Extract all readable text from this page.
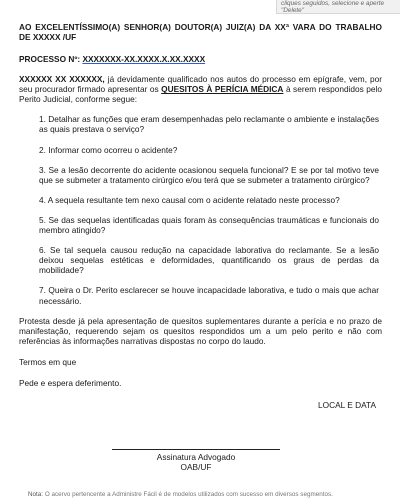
cliques seguidos, selecione e aperte "Delete"

AO EXCELENTÍSSIMO(A) SENHOR(A) DOUTOR(A) JUIZ(A) DA XXª VARA DO TRABALHO DE XXXXX /UF

PROCESSO Nº: XXXXXXX-XX.XXXX.X.XX.XXXX
XXXXXX XX XXXXXX, já devidamente qualificado nos autos do processo em epígrafe, vem, por seu procurador firmado apresentar os QUESITOS À PERÍCIA MÉDICA à serem respondidos pelo Perito Judicial, conforme segue:
1. Detalhar as funções que eram desempenhadas pelo reclamante o ambiente e instalações as quais prestava o serviço?
2. Informar como ocorreu o acidente?
3. Se a lesão decorrente do acidente ocasionou sequela funcional? E se por tal motivo teve que se submeter a tratamento cirúrgico e/ou terá que se submeter a tratamento cirúrgico?
4. A sequela resultante tem nexo causal com o acidente relatado neste processo?
5. Se das sequelas identificadas quais foram às consequências traumáticas e funcionais do membro atingido?
6. Se tal sequela causou redução na capacidade laborativa do reclamante. Se a lesão deixou sequelas estéticas e deformidades, quantificando os graus de perdas da mobilidade?
7. Queira o Dr. Perito esclarecer se houve incapacidade laborativa, e tudo o mais que achar necessário.
Protesta desde já pela apresentação de quesitos suplementares durante a perícia e no prazo de manifestação, requerendo sejam os quesitos respondidos um a um pelo perito e não com referências às informações narrativas dispostas no corpo do laudo.
Termos em que
Pede e espera deferimento.
LOCAL E DATA
Assinatura Advogado
OAB/UF
Nota: O acervo pertencente a Administre Fácil é de modelos utilizados com sucesso em diversos segmentos.
